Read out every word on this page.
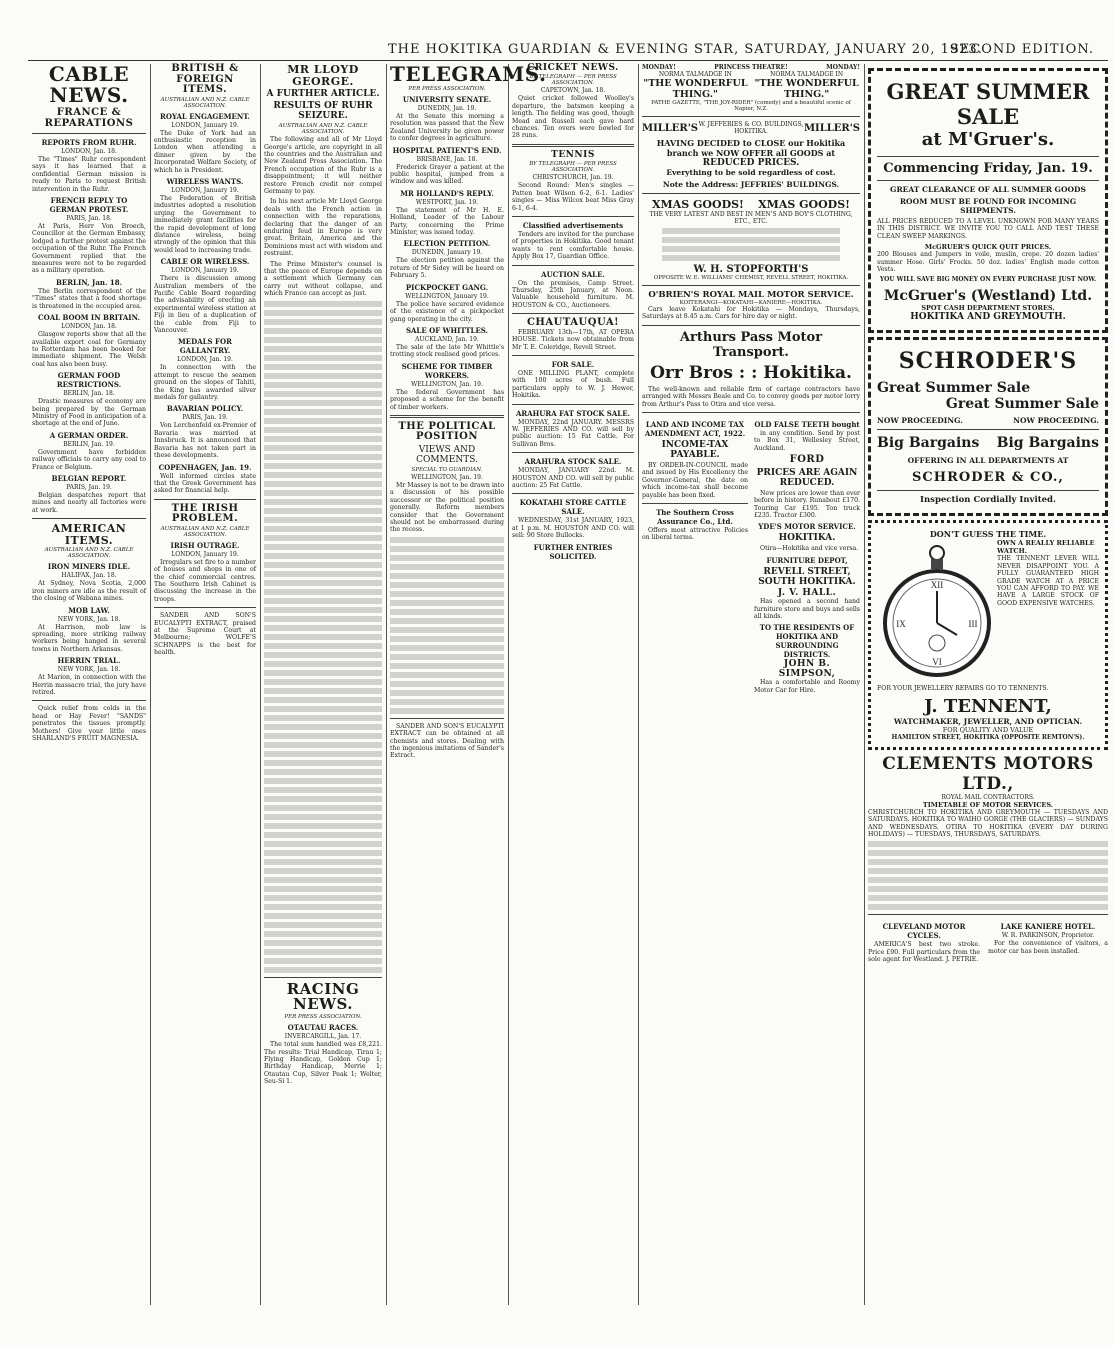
THE HOKITIKA GUARDIAN & EVENING STAR, SATURDAY, JANUARY 20, 1923.
SECOND EDITION.
CABLE NEWS.
FRANCE & REPARATIONS
REPORTS FROM RUHR.
LONDON, Jan. 18.

The "Times" Ruhr correspondent says it has learned that a confidential German mission is ready to Paris to request British intervention in the Ruhr.

FRENCH REPLY TO GERMAN PROTEST.
PARIS, Jan. 18.

At Paris, Herr Von Broech, Councillor at the German Embassy, lodged a further protest against the occupation of the Ruhr. The French Government replied that the measures were not to be regarded as a military operation.

BERLIN, Jan. 18.

The Berlin correspondent of the "Times" states that a food shortage is threatened in the occupied area.

COAL BOOM IN BRITAIN.
LONDON, Jan. 18.

Glasgow reports show that all the available export coal for Germany to Rotterdam has been booked for immediate shipment. The Welsh coal has also been busy.

GERMAN FOOD RESTRICTIONS.
BERLIN, Jan. 18.

Drastic measures of economy are being prepared by the German Ministry of Food in anticipation of a shortage at the end of June.

A GERMAN ORDER.
BERLIN, Jan. 19.

Government have forbidden railway officials to carry any coal to France or Belgium.

BELGIAN REPORT.
PARIS, Jan. 19.

Belgian despatches report that mines and nearly all factories were at work.

AMERICAN ITEMS.
AUSTRALIAN AND N.Z. CABLE ASSOCIATION.
IRON MINERS IDLE.
HALIFAX, Jan. 18.

At Sydney, Nova Scotia, 2,000 iron miners are idle as the result of the closing of Wabana mines.

MOB LAW.
NEW YORK, Jan. 18.

At Harrison, mob law is spreading, more striking railway workers being hanged in several towns in Northern Arkansas.

HERRIN TRIAL.
NEW YORK, Jan. 18.

At Marion, in connection with the Herrin massacre trial, the jury have retired.

Quick relief from colds in the head or Hay Fever! "SANDS" penetrates the tissues promptly. Mothers! Give your little ones SHARLAND'S FRUIT MAGNESIA.

BRITISH & FOREIGN ITEMS.
AUSTRALIAN AND N.Z. CABLE ASSOCIATION.
ROYAL ENGAGEMENT.
LONDON, January 19.

The Duke of York had an enthusiastic reception in London when attending a dinner given by the Incorporated Welfare Society, of which he is President.

WIRELESS WANTS.
LONDON, January 19.

The Federation of British industries adopted a resolution urging the Government to immediately grant facilities for the rapid development of long distance wireless, being strongly of the opinion that this would lead to increasing trade.

CABLE OR WIRELESS.
LONDON, January 19.

There is discussion among Australian members of the Pacific Cable Board regarding the advisability of erecting an experimental wireless station at Fiji in lieu of a duplication of the cable from Fiji to Vancouver.

MEDALS FOR GALLANTRY.
LONDON, Jan. 19.

In connection with the attempt to rescue the seamen ground on the slopes of Tahiti, the King has awarded silver medals for gallantry.

BAVARIAN POLICY.
PARIS, Jan. 19.

Von Lerchenfeld ex-Premier of Bavaria was married at Innsbruck. It is announced that Bavaria has not taken part in these developments.

COPENHAGEN, Jan. 19.

Well informed circles state that the Greek Government has asked for financial help.

THE IRISH PROBLEM.
AUSTRALIAN AND N.Z. CABLE ASSOCIATION.
IRISH OUTRAGE.
LONDON, January 19.

Irregulars set fire to a number of houses and shops in one of the chief commercial centres. The Southern Irish Cabinet is discussing the increase in the troops.

SANDER AND SON'S EUCALYPTI EXTRACT, praised at the Supreme Court at Melbourne; WOLFE'S SCHNAPPS is the best for health.

MR LLOYD GEORGE.
A FURTHER ARTICLE.
RESULTS OF RUHR SEIZURE.
AUSTRALIAN AND N.Z. CABLE ASSOCIATION.

The following and all of Mr Lloyd George's article, are copyright in all the countries and the Australian and New Zealand Press Association. The French occupation of the Ruhr is a disappointment; it will neither restore French credit nor compel Germany to pay.

In his next article Mr Lloyd George deals with the French action in connection with the reparations, declaring that the danger of an enduring feud in Europe is very great. Britain, America and the Dominions must act with wisdom and restraint.

The Prime Minister's counsel is that the peace of Europe depends on a settlement which Germany can carry out without collapse, and which France can accept as just.

RACING NEWS.
PER PRESS ASSOCIATION.
OTAUTAU RACES.
INVERCARGILL, Jan. 17.

The total sum handled was £8,221. The results: Trial Handicap, Tirau 1; Flying Handicap, Golden Cup 1; Birthday Handicap, Merrie 1; Otautau Cup, Silver Peak 1; Welter, Seu-Si 1.

TELEGRAMS.
PER PRESS ASSOCIATION.
UNIVERSITY SENATE.
DUNEDIN, Jan. 19.

At the Senate this morning a resolution was passed that the New Zealand University be given power to confer degrees in agriculture.

HOSPITAL PATIENT'S END.
BRISBANE, Jan. 18.

Frederick Grayer a patient at the public hospital, jumped from a window and was killed.

MR HOLLAND'S REPLY.
WESTPORT, Jan. 19.

The statement of Mr H. E. Holland, Leader of the Labour Party, concerning the Prime Minister, was issued today.

ELECTION PETITION.
DUNEDIN, January 19.

The election petition against the return of Mr Sidey will be heard on February 5.

PICKPOCKET GANG.
WELLINGTON, January 19.

The police have secured evidence of the existence of a pickpocket gang operating in the city.

SALE OF WHITTLES.
AUCKLAND, Jan. 19.

The sale of the late Mr Whittle's trotting stock realised good prices.

SCHEME FOR TIMBER WORKERS.
WELLINGTON, Jan. 19.

The federal Government has proposed a scheme for the benefit of timber workers.

THE POLITICAL POSITION
VIEWS AND COMMENTS.
SPECIAL TO GUARDIAN.
WELLINGTON, Jan. 19.

Mr Massey is not to be drawn into a discussion of his possible successor or the political position generally. Reform members consider that the Government should not be embarrassed during the recess.

SANDER AND SON'S EUCALYPTI EXTRACT can be obtained at all chemists and stores. Dealing with the ingenious imitations of Sander's Extract.

CRICKET NEWS.
BY TELEGRAPH — PER PRESS ASSOCIATION.
CAPETOWN, Jan. 18.

Quiet cricket followed Woolley's departure, the batsmen keeping a length. The fielding was good, though Mead and Russell each gave hard chances. Ten overs were bowled for 28 runs.

TENNIS
BY TELEGRAPH — PER PRESS ASSOCIATION.
CHRISTCHURCH, Jan. 19.

Second Round: Men's singles — Patten beat Wilson 6-2, 6-1. Ladies' singles — Miss Wilcox beat Miss Gray 6-1, 6-4.

Classified advertisements

Tenders are invited for the purchase of properties in Hokitika. Good tenant wants to rent comfortable house. Apply Box 17, Guardian Office.

AUCTION SALE.

On the premises, Camp Street. Thursday, 25th January, at Noon. Valuable household furniture. M. HOUSTON & CO., Auctioneers.

CHAUTAUQUA!

FEBRUARY 13th—17th, AT OPERA HOUSE. Tickets now obtainable from Mr T. E. Coleridge, Revell Street.

FOR SALE.

ONE MILLING PLANT, complete with 100 acres of bush. Full particulars apply to W. J. Hewer, Hokitika.

ARAHURA FAT STOCK SALE.

MONDAY, 22nd JANUARY. MESSRS W. JEFFERIES AND CO. will sell by public auction: 15 Fat Cattle. For Sullivan Bros.

ARAHURA STOCK SALE.

MONDAY, JANUARY 22nd. M. HOUSTON AND CO. will sell by public auction: 25 Fat Cattle.

KOKATAHI STORE CATTLE SALE.

WEDNESDAY, 31st JANUARY, 1923, at 1 p.m. M. HOUSTON AND CO. will sell: 90 Store Bullocks.

FURTHER ENTRIES SOLICITED.
MONDAY!	PRINCESS THEATRE!	MONDAY!
NORMA TALMADGE IN
"THE WONDERFUL THING."
NORMA TALMADGE IN
"THE WONDERFUL THING."
PATHE GAZETTE, "THE JOY-RIDER" (comedy) and a beautiful scenic of Napier, N.Z.
MILLER'S W. JEFFERIES & CO. BUILDINGS, HOKITIKA.	MILLER'S
HAVING DECIDED to CLOSE our Hokitika branch we NOW OFFER all GOODS at
REDUCED PRICES.
Everything to be sold regardless of cost.
Note the Address: JEFFRIES' BUILDINGS.
XMAS GOODS! XMAS GOODS!
THE VERY LATEST AND BEST IN MEN'S AND BOY'S CLOTHING, ETC., ETC.
W. H. STOPFORTH'S
OPPOSITE W. E. WILLIAMS' CHEMIST, REVELL STREET, HOKITIKA.
O'BRIEN'S ROYAL MAIL MOTOR SERVICE.
KOITERANGI—KOKATAHI—KANIERE—HOKITIKA.

Cars leave Kokatahi for Hokitika — Mondays, Thursdays, Saturdays at 8.45 a.m. Cars for hire day or night.

Arthurs Pass Motor Transport.
Orr Bros : : Hokitika.

The well-known and reliable firm of cartage contractors have arranged with Messrs Beale and Co. to convey goods per motor lorry from Arthur's Pass to Otira and vice versa.

LAND AND INCOME TAX AMENDMENT ACT, 1922.
INCOME-TAX PAYABLE.

BY ORDER-IN-COUNCIL made and issued by His Excellency the Governor-General, the date on which income-tax shall become payable has been fixed.

The Southern Cross Assurance Co., Ltd.

Offers most attractive Policies on liberal terms.

OLD FALSE TEETH bought

in any condition. Send by post to Box 31, Wellesley Street, Auckland.

FORD
PRICES ARE AGAIN REDUCED.

New prices are lower than ever before in history. Runabout £170. Touring Car £195. Ton truck £235. Tractor £300.

YDE'S MOTOR SERVICE.
HOKITIKA.

Otira—Hokitika and vice versa.

FURNITURE DEPOT,
REVELL STREET, SOUTH HOKITIKA.
J. V. HALL.

Has opened a second hand furniture store and buys and sells all kinds.

TO THE RESIDENTS OF HOKITIKA AND SURROUNDING DISTRICTS.
JOHN B. SIMPSON,

Has a comfortable and Roomy Motor Car for Hire.

GREAT SUMMER SALE
at M'Gruer's.
Commencing Friday, Jan. 19.
GREAT CLEARANCE OF ALL SUMMER GOODS
ROOM MUST BE FOUND FOR INCOMING SHIPMENTS.

ALL PRICES REDUCED TO A LEVEL UNKNOWN FOR MANY YEARS IN THIS DISTRICT. WE INVITE YOU TO CALL AND TEST THESE CLEAN SWEEP MARKINGS.

McGRUER'S QUICK QUIT PRICES.

200 Blouses and Jumpers in voile, muslin, crepe. 20 dozen ladies' summer Hose. Girls' Frocks. 50 doz. ladies' English made cotton Vests.

YOU WILL SAVE BIG MONEY ON EVERY PURCHASE JUST NOW.
McGruer's (Westland) Ltd.
SPOT CASH DEPARTMENT STORES.
HOKITIKA AND GREYMOUTH.
SCHRODER'S
Great Summer Sale
Great Summer Sale
NOW PROCEEDING.	NOW PROCEEDING.
Big Bargains Big Bargains
OFFERING IN ALL DEPARTMENTS AT
SCHRODER & CO.,
Inspection Cordially Invited.
DON'T GUESS THE TIME.
XII
III
VI
IX
OWN A REALLY RELIABLE WATCH.

THE TENNENT LEVER WILL NEVER DISAPPOINT YOU. A FULLY GUARANTEED HIGH GRADE WATCH AT A PRICE YOU CAN AFFORD TO PAY. WE HAVE A LARGE STOCK OF GOOD EXPENSIVE WATCHES.

FOR YOUR JEWELLERY REPAIRS GO TO TENNENTS.

J. TENNENT,
WATCHMAKER, JEWELLER, AND OPTICIAN.
FOR QUALITY AND VALUE
HAMILTON STREET, HOKITIKA (OPPOSITE REMTON'S).
CLEMENTS MOTORS LTD.,
ROYAL MAIL CONTRACTORS.
TIMETABLE OF MOTOR SERVICES.

CHRISTCHURCH TO HOKITIKA AND GREYMOUTH — TUESDAYS AND SATURDAYS. HOKITIKA TO WAIHO GORGE (THE GLACIERS) — SUNDAYS AND WEDNESDAYS. OTIRA TO HOKITIKA (EVERY DAY DURING HOLIDAYS) — TUESDAYS, THURSDAYS, SATURDAYS.

CLEVELAND MOTOR CYCLES.

AMERICA'S best two stroke. Price £90. Full particulars from the sole agent for Westland. J. PETRIE.

LAKE KANIERE HOTEL.
W. R. PARKINSON, Proprietor.

For the convenience of visitors, a motor car has been installed.
